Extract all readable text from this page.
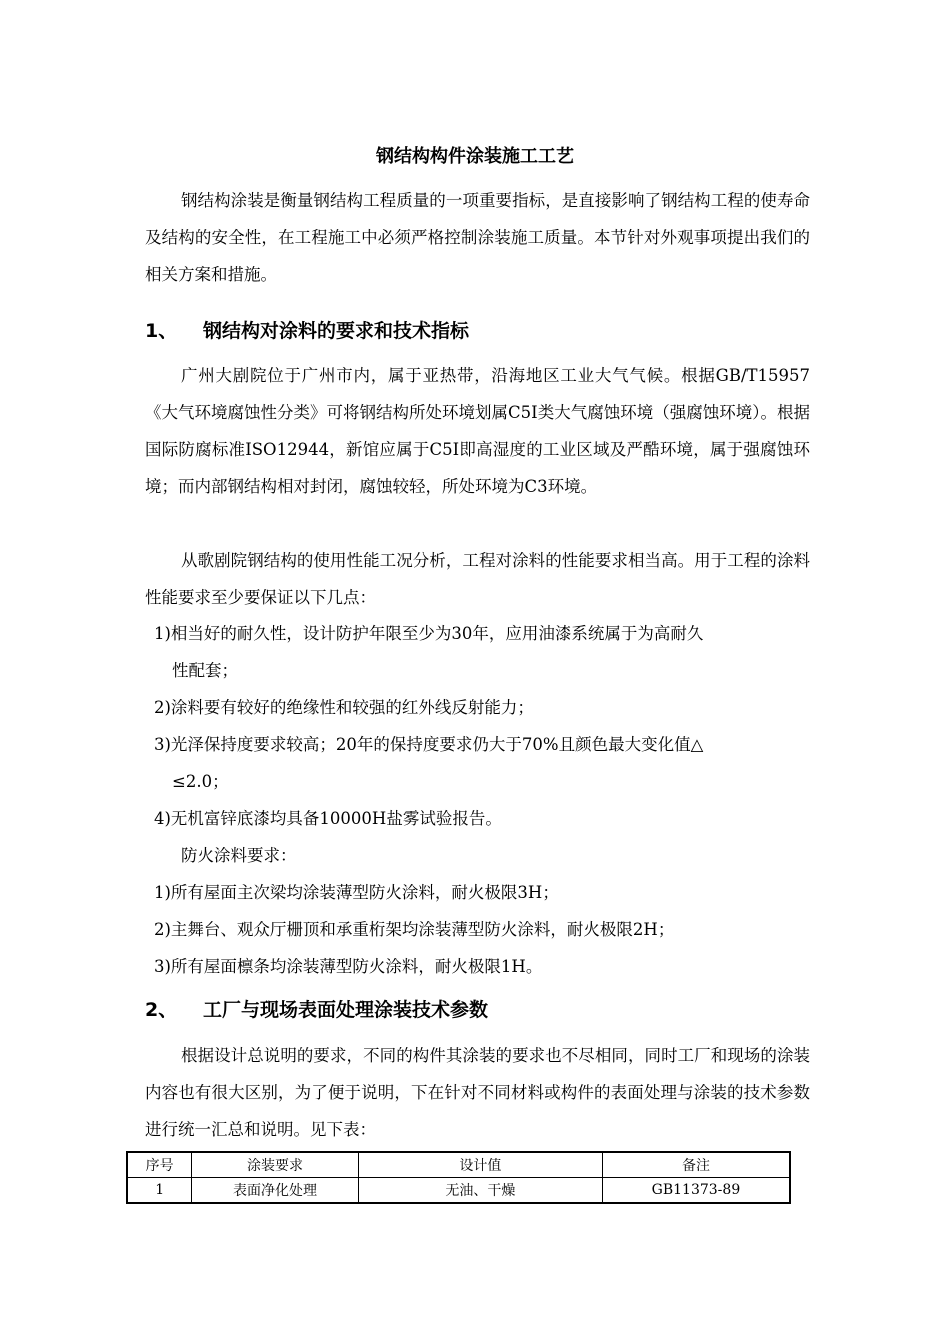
钢结构构件涂装施工工艺

钢结构涂装是衡量钢结构工程质量的一项重要指标，是直接影响了钢结构工程的使寿命及结构的安全性，在工程施工中必须严格控制涂装施工质量。本节针对外观事项提出我们的相关方案和措施。

1、 钢结构对涂料的要求和技术指标

广州大剧院位于广州市内，属于亚热带，沿海地区工业大气气候。根据GB/T15957《大气环境腐蚀性分类》可将钢结构所处环境划属C5I类大气腐蚀环境（强腐蚀环境）。根据国际防腐标准ISO12944，新馆应属于C5I即高湿度的工业区域及严酷环境，属于强腐蚀环境；而内部钢结构相对封闭，腐蚀较轻，所处环境为C3环境。

从歌剧院钢结构的使用性能工况分析，工程对涂料的性能要求相当高。用于工程的涂料性能要求至少要保证以下几点：

1)相当好的耐久性，设计防护年限至少为30年，应用油漆系统属于为高耐久
性配套；
2)涂料要有较好的绝缘性和较强的红外线反射能力；
3)光泽保持度要求较高；20年的保持度要求仍大于70%且颜色最大变化值△
≤2.0；
4)无机富锌底漆均具备10000H盐雾试验报告。
防火涂料要求：
1)所有屋面主次梁均涂装薄型防火涂料，耐火极限3H；
2)主舞台、观众厅栅顶和承重桁架均涂装薄型防火涂料，耐火极限2H；
3)所有屋面檩条均涂装薄型防火涂料，耐火极限1H。
2、 工厂与现场表面处理涂装技术参数

根据设计总说明的要求，不同的构件其涂装的要求也不尽相同，同时工厂和现场的涂装内容也有很大区别，为了便于说明，下在针对不同材料或构件的表面处理与涂装的技术参数进行统一汇总和说明。见下表：

序号	涂装要求	设计值	备注
1	表面净化处理	无油、干燥	GB11373-89
